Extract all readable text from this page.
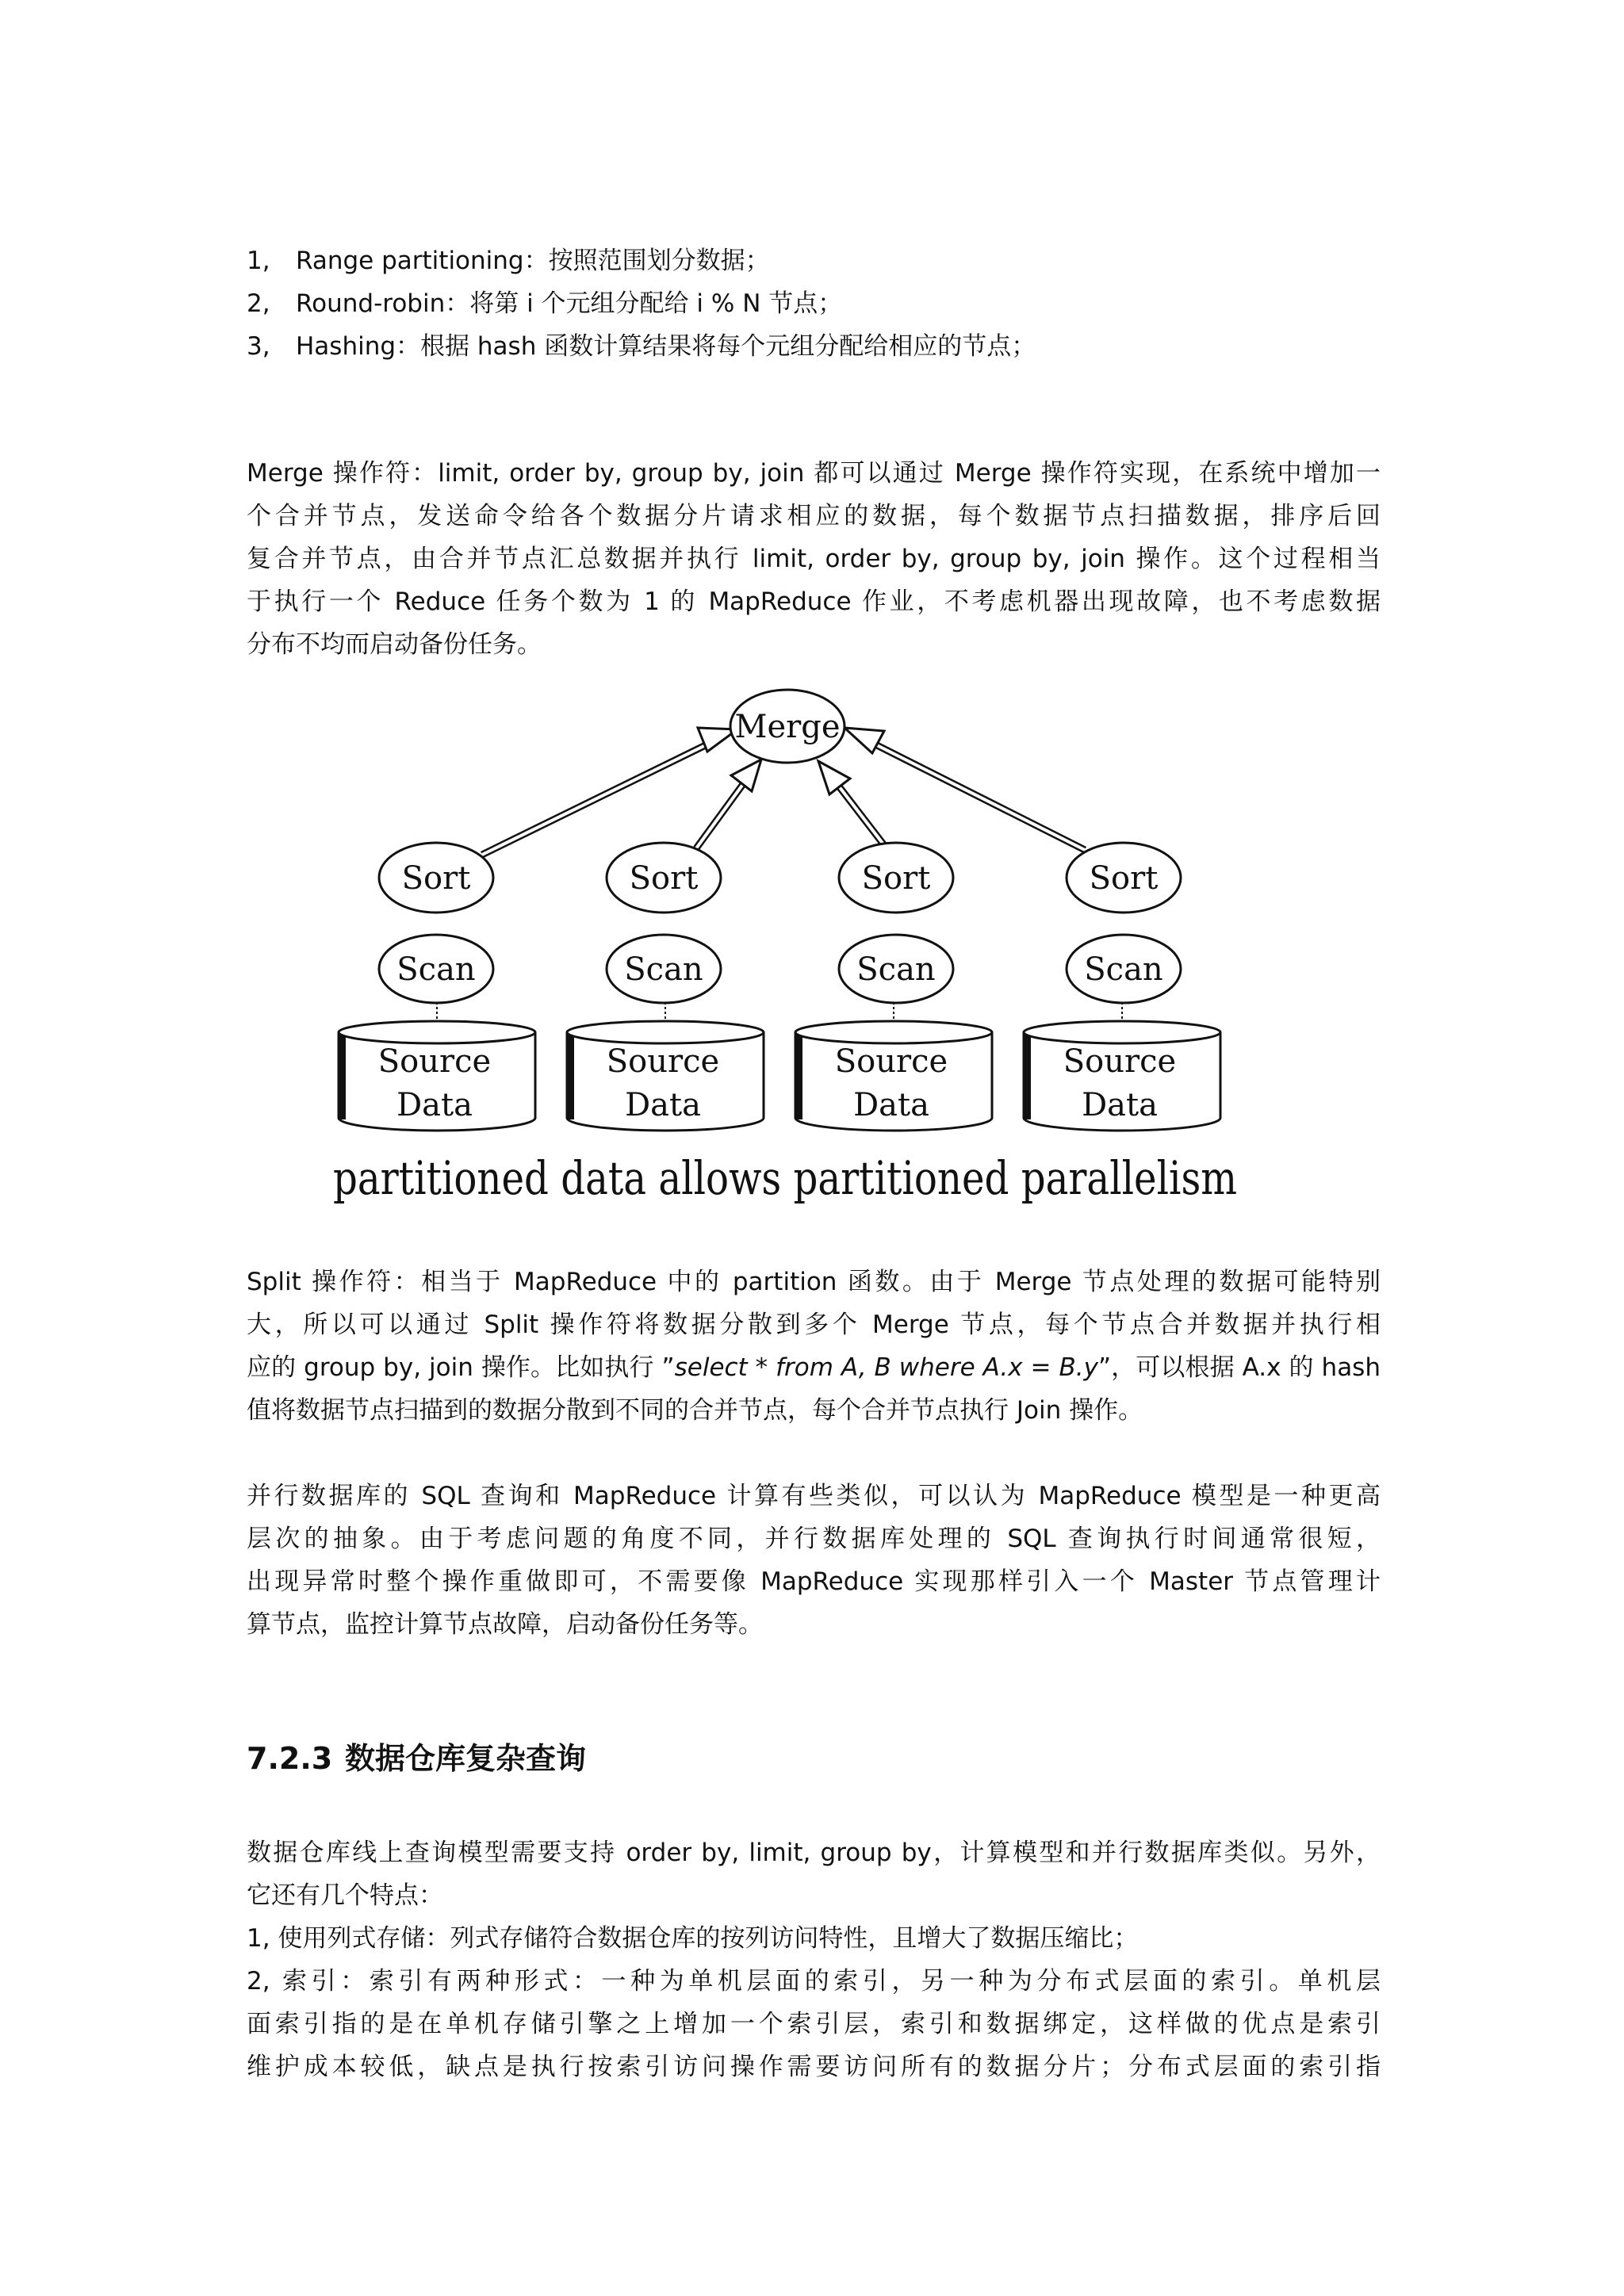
1, Range partitioning：按照范围划分数据；
2, Round-robin：将第 i 个元组分配给 i % N 节点；
3, Hashing：根据 hash 函数计算结果将每个元组分配给相应的节点；
Merge 操作符：limit, order by, group by, join 都可以通过 Merge 操作符实现，在系统中增加一
个合并节点，发送命令给各个数据分片请求相应的数据，每个数据节点扫描数据，排序后回
复合并节点，由合并节点汇总数据并执行 limit, order by, group by, join 操作。这个过程相当
于执行一个 Reduce 任务个数为 1 的 MapReduce 作业，不考虑机器出现故障，也不考虑数据
分布不均而启动备份任务。
Merge
Sort
Scan
Source
Data
Sort
Scan
Source
Data
Sort
Scan
Source
Data
Sort
Scan
Source
Data
partitioned data allows partitioned parallelism
Split 操作符：相当于 MapReduce 中的 partition 函数。由于 Merge 节点处理的数据可能特别
大，所以可以通过 Split 操作符将数据分散到多个 Merge 节点，每个节点合并数据并执行相
应的 group by, join 操作。比如执行 ”select * from A, B where A.x = B.y”，可以根据 A.x 的 hash
值将数据节点扫描到的数据分散到不同的合并节点，每个合并节点执行 Join 操作。
并行数据库的 SQL 查询和 MapReduce 计算有些类似，可以认为 MapReduce 模型是一种更高
层次的抽象。由于考虑问题的角度不同，并行数据库处理的 SQL 查询执行时间通常很短，
出现异常时整个操作重做即可，不需要像 MapReduce 实现那样引入一个 Master 节点管理计
算节点，监控计算节点故障，启动备份任务等。
7.2.3 数据仓库复杂查询
数据仓库线上查询模型需要支持 order by, limit, group by，计算模型和并行数据库类似。另外，
它还有几个特点：
1, 使用列式存储：列式存储符合数据仓库的按列访问特性，且增大了数据压缩比；
2, 索引：索引有两种形式：一种为单机层面的索引，另一种为分布式层面的索引。单机层
面索引指的是在单机存储引擎之上增加一个索引层，索引和数据绑定，这样做的优点是索引
维护成本较低，缺点是执行按索引访问操作需要访问所有的数据分片；分布式层面的索引指
